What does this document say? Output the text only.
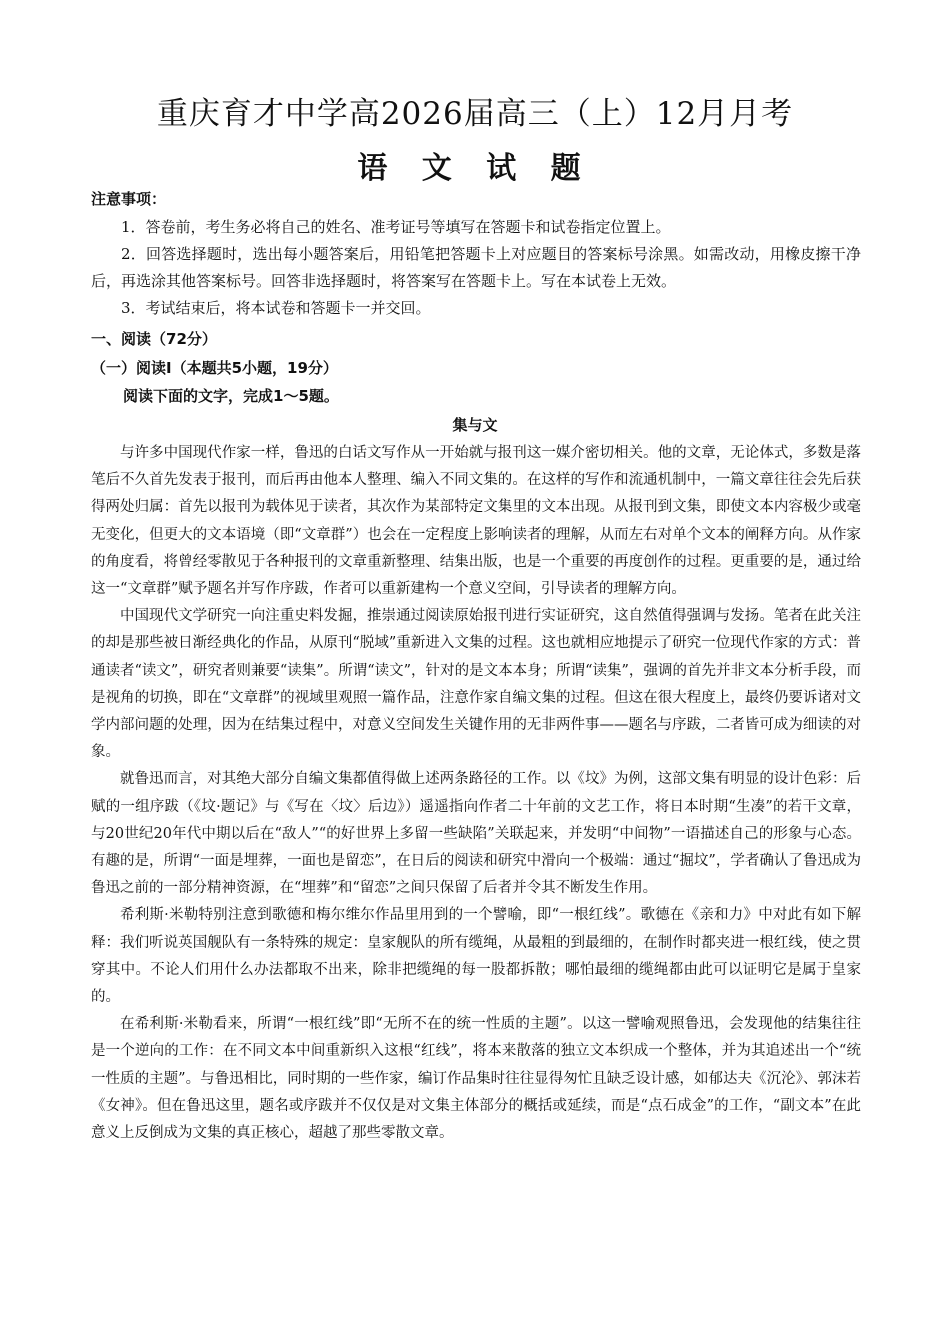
重庆育才中学高2026届高三（上）12月月考
语 文 试 题
注意事项：

1．答卷前，考生务必将自己的姓名、准考证号等填写在答题卡和试卷指定位置上。

2．回答选择题时，选出每小题答案后，用铅笔把答题卡上对应题目的答案标号涂黑。如需改动，用橡皮擦干净后，再选涂其他答案标号。回答非选择题时，将答案写在答题卡上。写在本试卷上无效。

3．考试结束后，将本试卷和答题卡一并交回。

一、阅读（72分）
（一）阅读Ⅰ（本题共5小题，19分）
阅读下面的文字，完成1～5题。
集与文

与许多中国现代作家一样，鲁迅的白话文写作从一开始就与报刊这一媒介密切相关。他的文章，无论体式，多数是落笔后不久首先发表于报刊，而后再由他本人整理、编入不同文集的。在这样的写作和流通机制中，一篇文章往往会先后获得两处归属：首先以报刊为载体见于读者，其次作为某部特定文集里的文本出现。从报刊到文集，即使文本内容极少或毫无变化，但更大的文本语境（即“文章群”）也会在一定程度上影响读者的理解，从而左右对单个文本的阐释方向。从作家的角度看，将曾经零散见于各种报刊的文章重新整理、结集出版，也是一个重要的再度创作的过程。更重要的是，通过给这一“文章群”赋予题名并写作序跋，作者可以重新建构一个意义空间，引导读者的理解方向。

中国现代文学研究一向注重史料发掘，推崇通过阅读原始报刊进行实证研究，这自然值得强调与发扬。笔者在此关注的却是那些被日渐经典化的作品，从原刊“脱域”重新进入文集的过程。这也就相应地提示了研究一位现代作家的方式：普通读者“读文”，研究者则兼要“读集”。所谓“读文”，针对的是文本本身；所谓“读集”，强调的首先并非文本分析手段，而是视角的切换，即在“文章群”的视域里观照一篇作品，注意作家自编文集的过程。但这在很大程度上，最终仍要诉诸对文学内部问题的处理，因为在结集过程中，对意义空间发生关键作用的无非两件事——题名与序跋，二者皆可成为细读的对象。

就鲁迅而言，对其绝大部分自编文集都值得做上述两条路径的工作。以《坟》为例，这部文集有明显的设计色彩：后赋的一组序跋（《坟·题记》与《写在〈坟〉后边》）遥遥指向作者二十年前的文艺工作，将日本时期“生凑”的若干文章，与20世纪20年代中期以后在“敌人”“的好世界上多留一些缺陷”关联起来，并发明“中间物”一语描述自己的形象与心态。有趣的是，所谓“一面是埋葬，一面也是留恋”，在日后的阅读和研究中滑向一个极端：通过“掘坟”，学者确认了鲁迅成为鲁迅之前的一部分精神资源，在“埋葬”和“留恋”之间只保留了后者并令其不断发生作用。

希利斯·米勒特别注意到歌德和梅尔维尔作品里用到的一个譬喻，即“一根红线”。歌德在《亲和力》中对此有如下解释：我们听说英国舰队有一条特殊的规定：皇家舰队的所有缆绳，从最粗的到最细的，在制作时都夹进一根红线，使之贯穿其中。不论人们用什么办法都取不出来，除非把缆绳的每一股都拆散；哪怕最细的缆绳都由此可以证明它是属于皇家的。

在希利斯·米勒看来，所谓“一根红线”即“无所不在的统一性质的主题”。以这一譬喻观照鲁迅，会发现他的结集往往是一个逆向的工作：在不同文本中间重新织入这根“红线”，将本来散落的独立文本织成一个整体，并为其追述出一个“统一性质的主题”。与鲁迅相比，同时期的一些作家，编订作品集时往往显得匆忙且缺乏设计感，如郁达夫《沉沦》、郭沫若《女神》。但在鲁迅这里，题名或序跋并不仅仅是对文集主体部分的概括或延续，而是“点石成金”的工作，“副文本”在此意义上反倒成为文集的真正核心，超越了那些零散文章。
